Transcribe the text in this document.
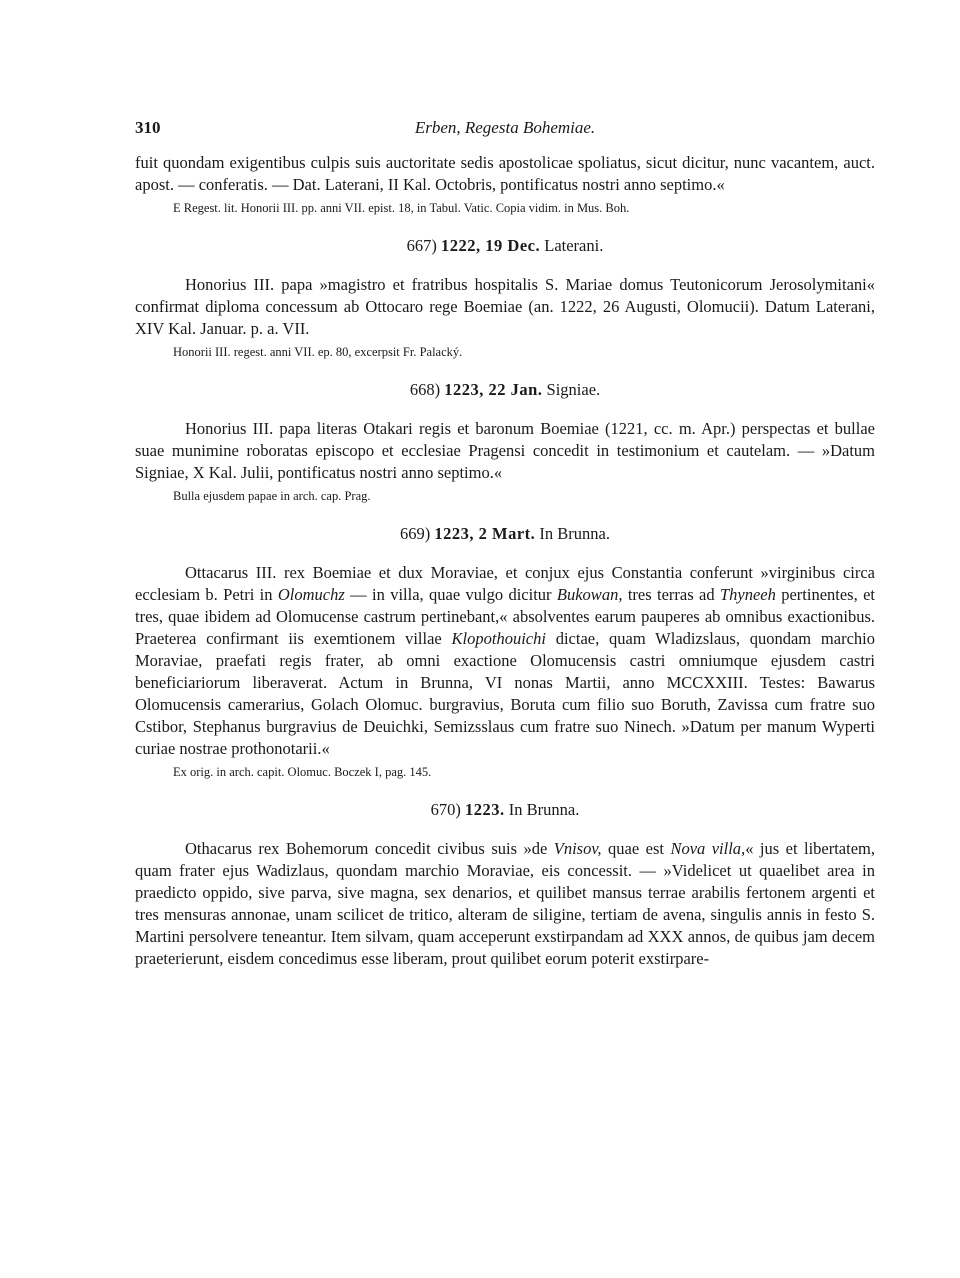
310	Erben, Regesta Bohemiae.

fuit quondam exigentibus culpis suis auctoritate sedis apostolicae spoliatus, sicut dicitur, nunc vacantem, auct. apost. — conferatis. — Dat. Laterani, II Kal. Octobris, pontificatus nostri anno septimo.«

E Regest. lit. Honorii III. pp. anni VII. epist. 18, in Tabul. Vatic. Copia vidim. in Mus. Boh.
667) 1222, 19 Dec. Laterani.

Honorius III. papa »magistro et fratribus hospitalis S. Mariae domus Teutonicorum Jerosolymitani« confirmat diploma concessum ab Ottocaro rege Boemiae (an. 1222, 26 Augusti, Olomucii). Datum Laterani, XIV Kal. Januar. p. a. VII.

Honorii III. regest. anni VII. ep. 80, excerpsit Fr. Palacký.
668) 1223, 22 Jan. Signiae.

Honorius III. papa literas Otakari regis et baronum Boemiae (1221, cc. m. Apr.) perspectas et bullae suae munimine roboratas episcopo et ecclesiae Pragensi concedit in testimonium et cautelam. — »Datum Signiae, X Kal. Julii, pontificatus nostri anno septimo.«

Bulla ejusdem papae in arch. cap. Prag.
669) 1223, 2 Mart. In Brunna.

Ottacarus III. rex Boemiae et dux Moraviae, et conjux ejus Constantia conferunt »virginibus circa ecclesiam b. Petri in Olomuchz — in villa, quae vulgo dicitur Bukowan, tres terras ad Thyneeh pertinentes, et tres, quae ibidem ad Olomucense castrum pertinebant,« absolventes earum pauperes ab omnibus exactionibus. Praeterea confirmant iis exemtionem villae Klopothouichi dictae, quam Wladizslaus, quondam marchio Moraviae, praefati regis frater, ab omni exactione Olomucensis castri omniumque ejusdem castri beneficiariorum liberaverat. Actum in Brunna, VI nonas Martii, anno MCCXXIII. Testes: Bawarus Olomucensis camerarius, Golach Olomuc. burgravius, Boruta cum filio suo Boruth, Zavissa cum fratre suo Cstibor, Stephanus burgravius de Deuichki, Semizsslaus cum fratre suo Ninech. »Datum per manum Wyperti curiae nostrae prothonotarii.«

Ex orig. in arch. capit. Olomuc. Boczek I, pag. 145.
670) 1223. In Brunna.

Othacarus rex Bohemorum concedit civibus suis »de Vnisov, quae est Nova villa,« jus et libertatem, quam frater ejus Wadizlaus, quondam marchio Moraviae, eis concessit. — »Videlicet ut quaelibet area in praedicto oppido, sive parva, sive magna, sex denarios, et quilibet mansus terrae arabilis fertonem argenti et tres mensuras annonae, unam scilicet de tritico, alteram de siligine, tertiam de avena, singulis annis in festo S. Martini persolvere teneantur. Item silvam, quam acceperunt exstirpandam ad XXX annos, de quibus jam decem praeterierunt, eisdem concedimus esse liberam, prout quilibet eorum poterit exstirpare-
